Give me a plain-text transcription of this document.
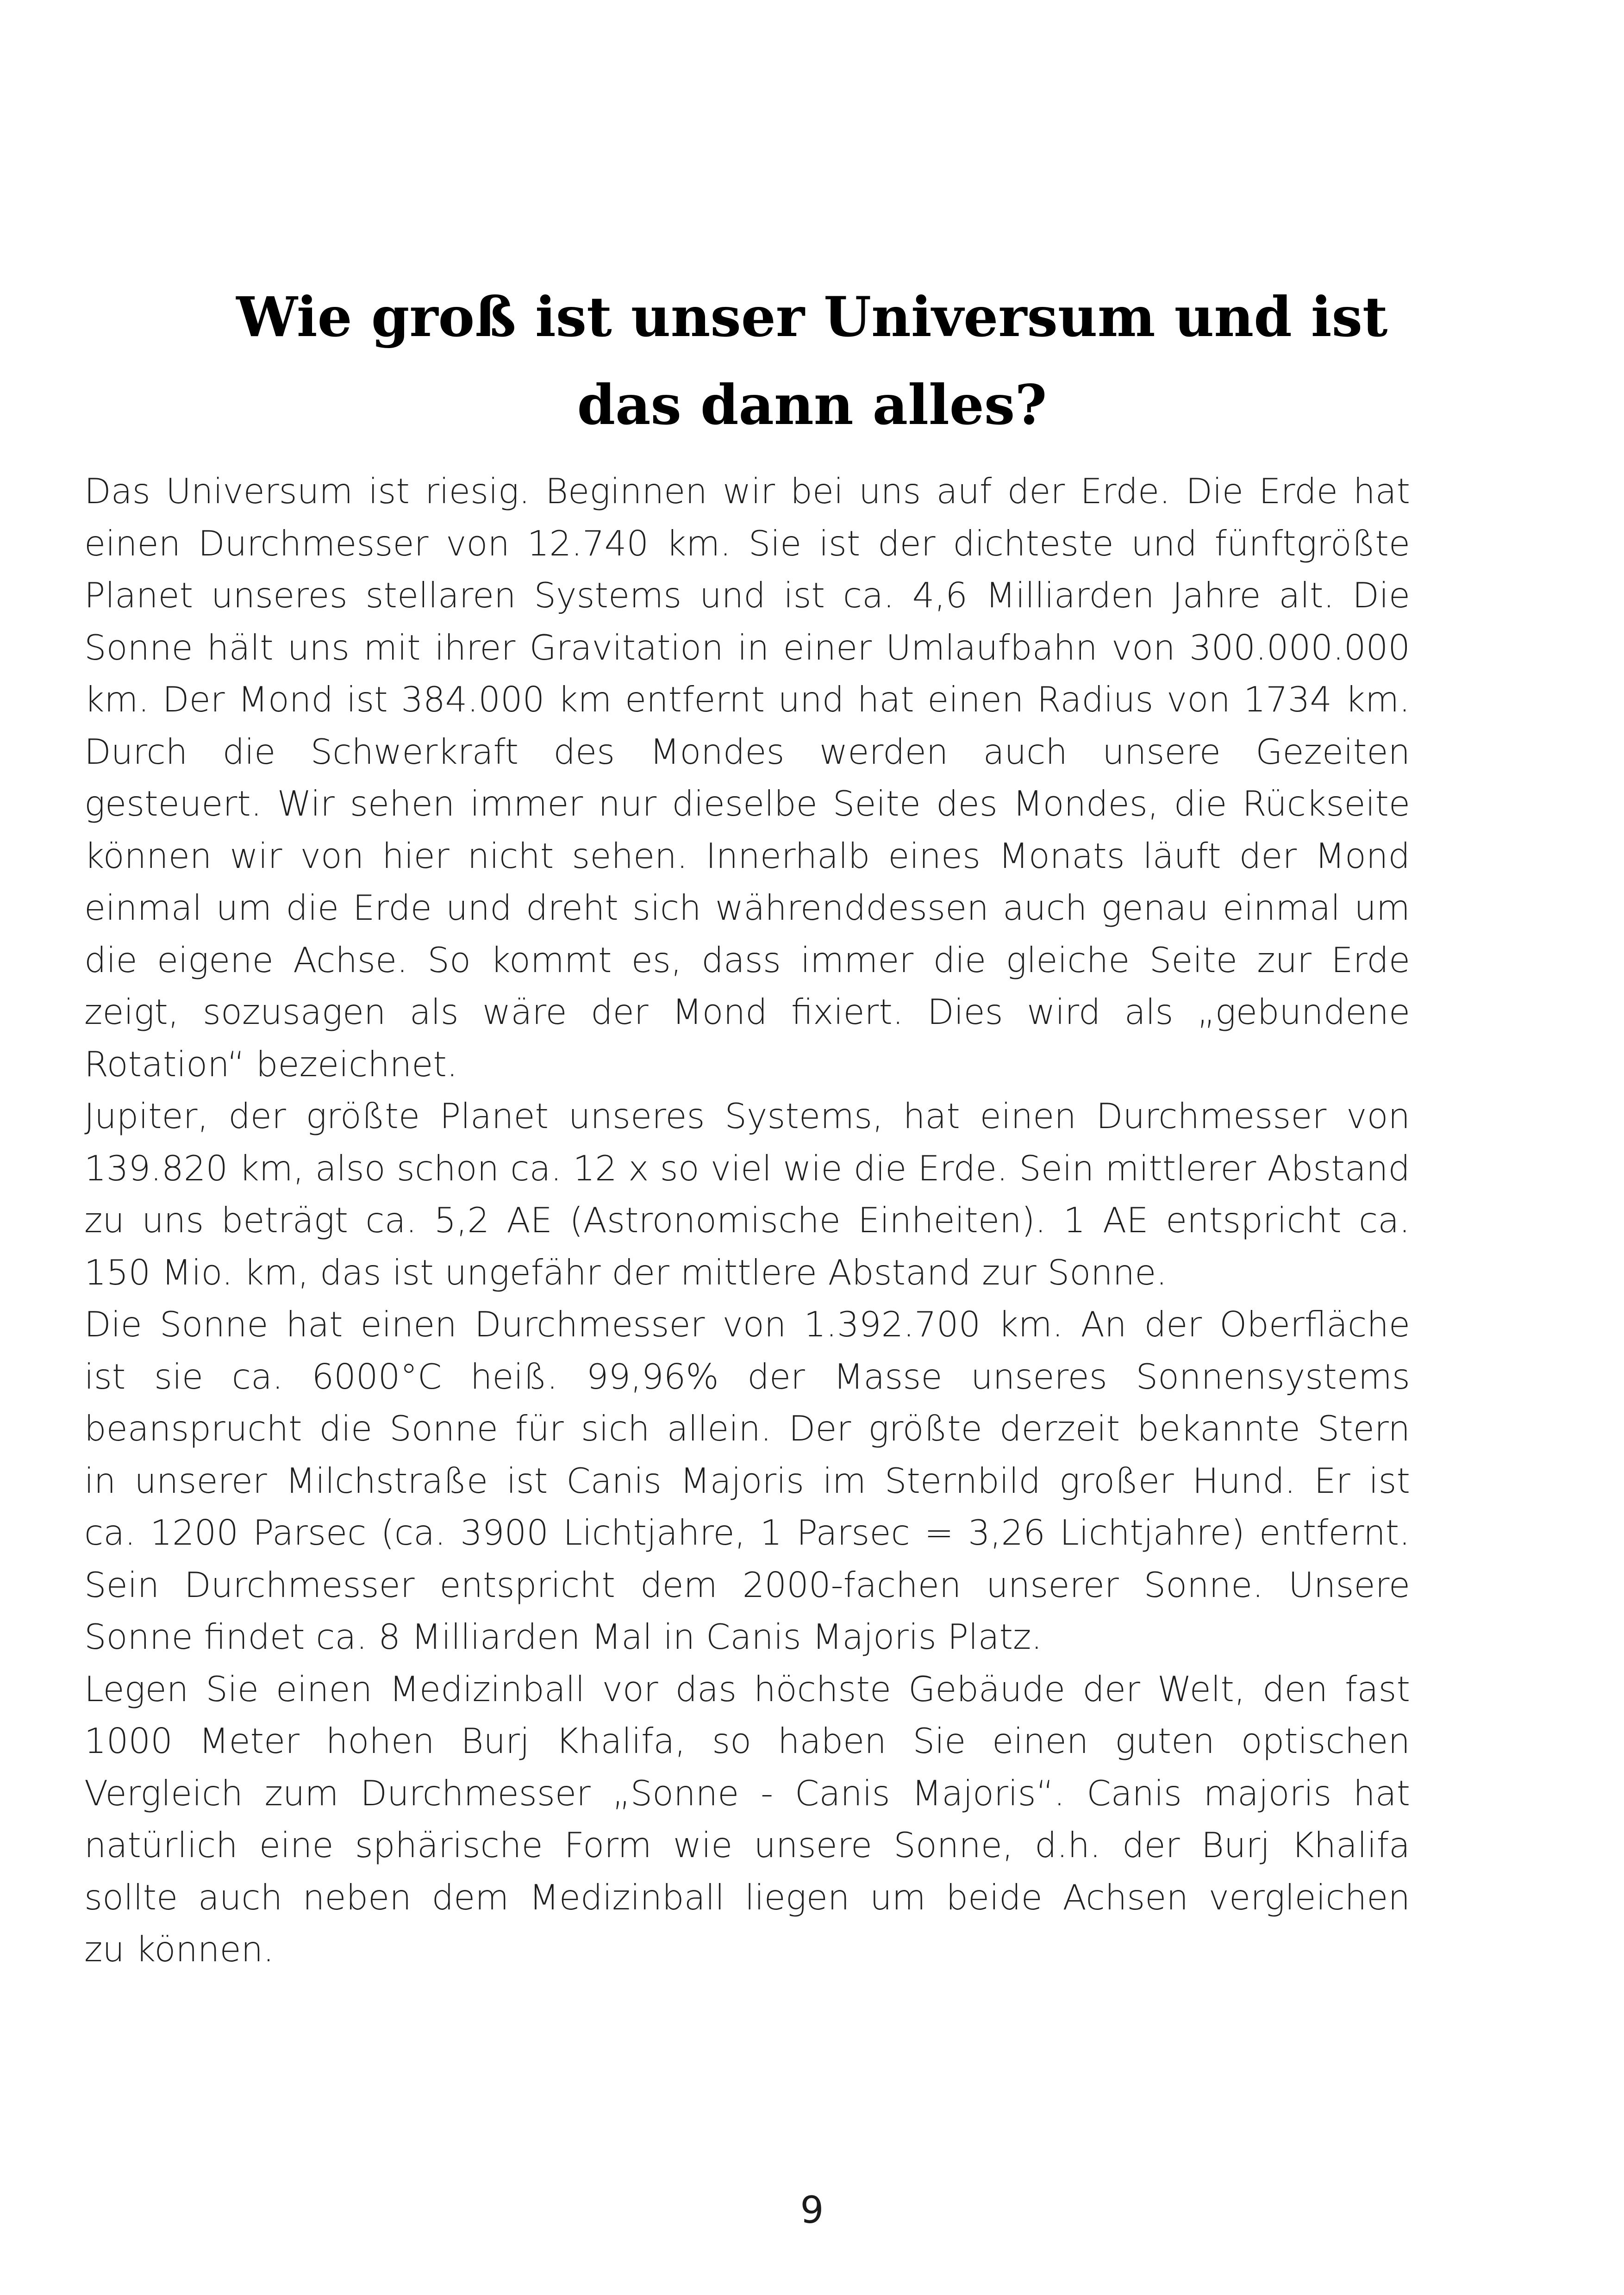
Wie groß ist unser Universum und ist
das dann alles?
Das Universum ist riesig. Beginnen wir bei uns auf der Erde. Die Erde hat
einen Durchmesser von 12.740 km. Sie ist der dichteste und fünftgrößte
Planet unseres stellaren Systems und ist ca. 4,6 Milliarden Jahre alt. Die
Sonne hält uns mit ihrer Gravitation in einer Umlaufbahn von 300.000.000
km. Der Mond ist 384.000 km entfernt und hat einen Radius von 1734 km.
Durch die Schwerkraft des Mondes werden auch unsere Gezeiten
gesteuert. Wir sehen immer nur dieselbe Seite des Mondes, die Rückseite
können wir von hier nicht sehen. Innerhalb eines Monats läuft der Mond
einmal um die Erde und dreht sich währenddessen auch genau einmal um
die eigene Achse. So kommt es, dass immer die gleiche Seite zur Erde
zeigt, sozusagen als wäre der Mond fixiert. Dies wird als „gebundene
Rotation“ bezeichnet.
Jupiter, der größte Planet unseres Systems, hat einen Durchmesser von
139.820 km, also schon ca. 12 x so viel wie die Erde. Sein mittlerer Abstand
zu uns beträgt ca. 5,2 AE (Astronomische Einheiten). 1 AE entspricht ca.
150 Mio. km, das ist ungefähr der mittlere Abstand zur Sonne.
Die Sonne hat einen Durchmesser von 1.392.700 km. An der Oberfläche
ist sie ca. 6000°C heiß. 99,96% der Masse unseres Sonnensystems
beansprucht die Sonne für sich allein. Der größte derzeit bekannte Stern
in unserer Milchstraße ist Canis Majoris im Sternbild großer Hund. Er ist
ca. 1200 Parsec (ca. 3900 Lichtjahre, 1 Parsec = 3,26 Lichtjahre) entfernt.
Sein Durchmesser entspricht dem 2000-fachen unserer Sonne. Unsere
Sonne findet ca. 8 Milliarden Mal in Canis Majoris Platz.
Legen Sie einen Medizinball vor das höchste Gebäude der Welt, den fast
1000 Meter hohen Burj Khalifa, so haben Sie einen guten optischen
Vergleich zum Durchmesser „Sonne - Canis Majoris“. Canis majoris hat
natürlich eine sphärische Form wie unsere Sonne, d.h. der Burj Khalifa
sollte auch neben dem Medizinball liegen um beide Achsen vergleichen
zu können.
9
